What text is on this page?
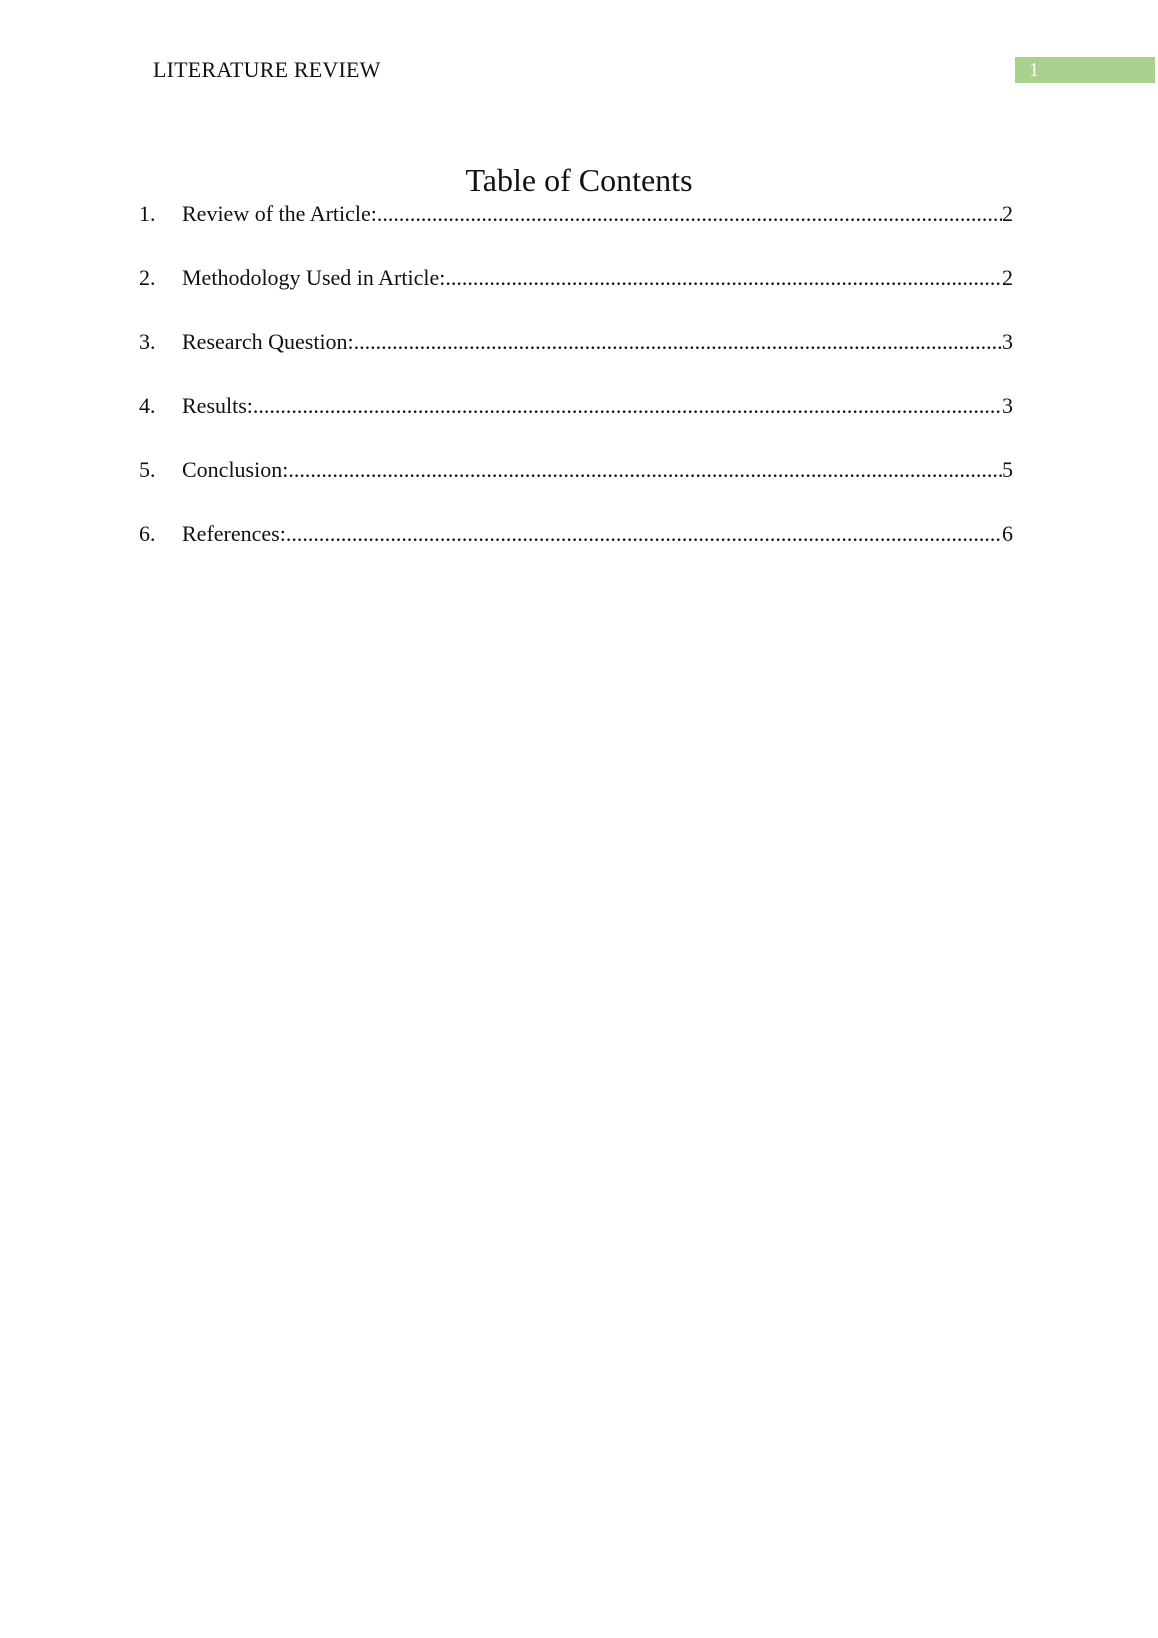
LITERATURE REVIEW	1
Table of Contents
1.	Review of the Article: .....	2
2.	Methodology Used in Article: .....	2
3.	Research Question: .....	3
4.	Results: .....	3
5.	Conclusion: .....	5
6.	References: .....	6
